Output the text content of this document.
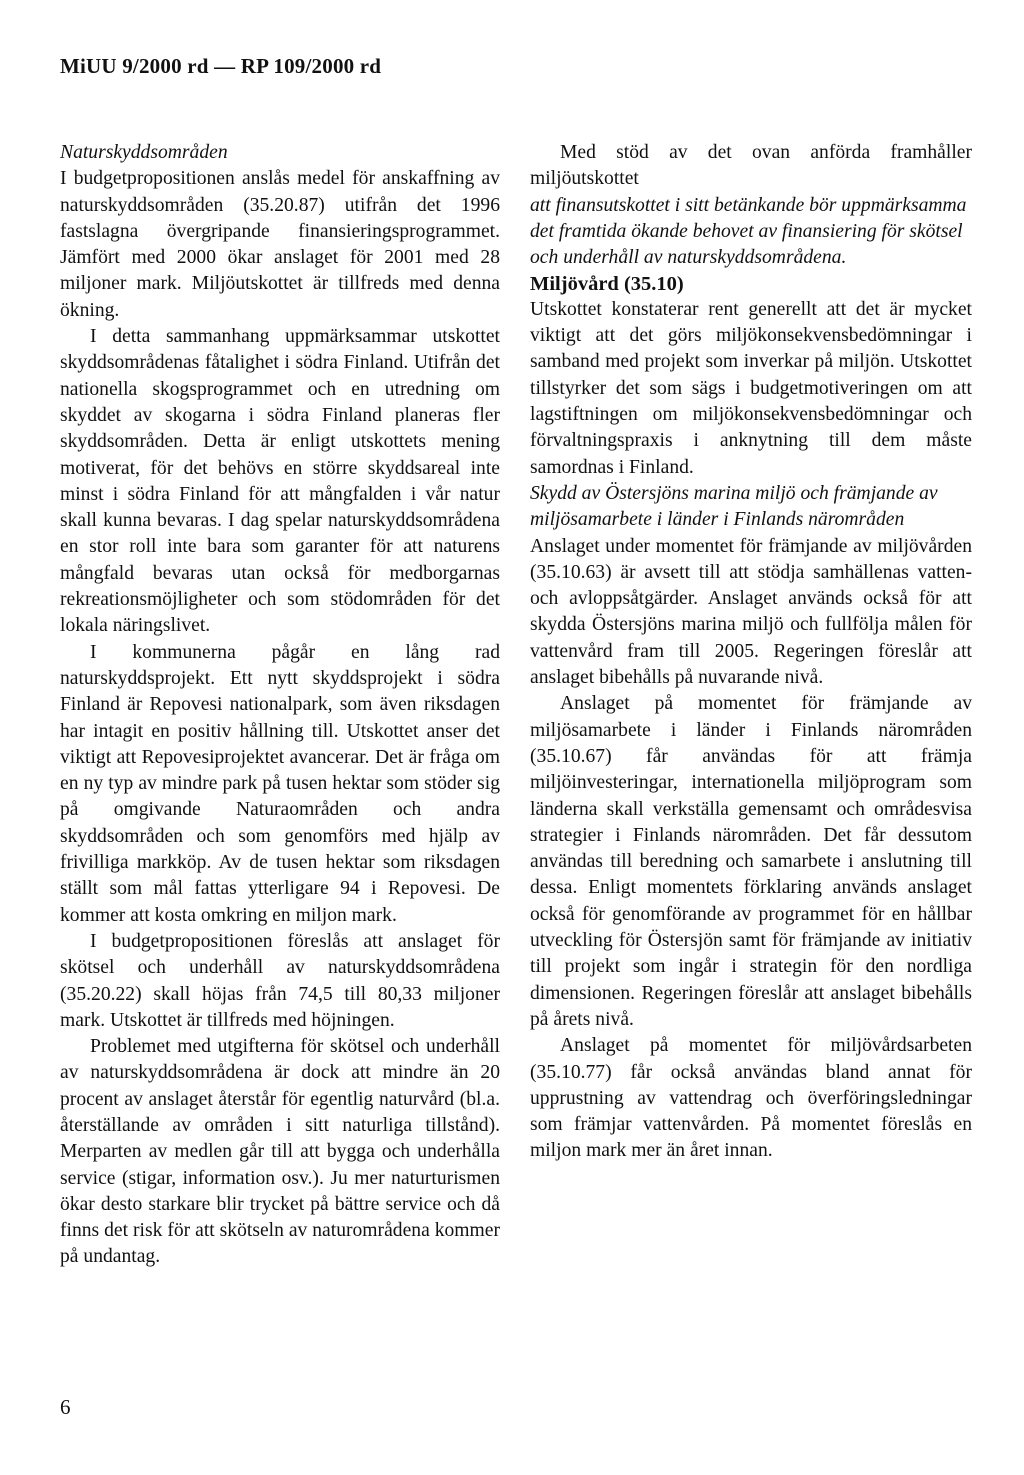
MiUU 9/2000 rd — RP 109/2000 rd

Naturskyddsområden

I budgetpropositionen anslås medel för anskaffning av naturskyddsområden (35.20.87) utifrån det 1996 fastslagna övergripande finansieringsprogrammet. Jämfört med 2000 ökar anslaget för 2001 med 28 miljoner mark. Miljöutskottet är tillfreds med denna ökning.

I detta sammanhang uppmärksammar utskottet skyddsområdenas fåtalighet i södra Finland. Utifrån det nationella skogsprogrammet och en utredning om skyddet av skogarna i södra Finland planeras fler skyddsområden. Detta är enligt utskottets mening motiverat, för det behövs en större skyddsareal inte minst i södra Finland för att mångfalden i vår natur skall kunna bevaras. I dag spelar naturskyddsområdena en stor roll inte bara som garanter för att naturens mångfald bevaras utan också för medborgarnas rekreationsmöjligheter och som stödområden för det lokala näringslivet.

I kommunerna pågår en lång rad naturskyddsprojekt. Ett nytt skyddsprojekt i södra Finland är Repovesi nationalpark, som även riksdagen har intagit en positiv hållning till. Utskottet anser det viktigt att Repovesiprojektet avancerar. Det är fråga om en ny typ av mindre park på tusen hektar som stöder sig på omgivande Naturaområden och andra skyddsområden och som genomförs med hjälp av frivilliga markköp. Av de tusen hektar som riksdagen ställt som mål fattas ytterligare 94 i Repovesi. De kommer att kosta omkring en miljon mark.

I budgetpropositionen föreslås att anslaget för skötsel och underhåll av naturskyddsområdena (35.20.22) skall höjas från 74,5 till 80,33 miljoner mark. Utskottet är tillfreds med höjningen.

Problemet med utgifterna för skötsel och underhåll av naturskyddsområdena är dock att mindre än 20 procent av anslaget återstår för egentlig naturvård (bl.a. återställande av områden i sitt naturliga tillstånd). Merparten av medlen går till att bygga och underhålla service (stigar, information osv.). Ju mer naturturismen ökar desto starkare blir trycket på bättre service och då finns det risk för att skötseln av naturområdena kommer på undantag.

Med stöd av det ovan anförda framhåller miljöutskottet

att finansutskottet i sitt betänkande bör uppmärksamma det framtida ökande behovet av finansiering för skötsel och underhåll av naturskyddsområdena.

Miljövård (35.10)

Utskottet konstaterar rent generellt att det är mycket viktigt att det görs miljökonsekvensbedömningar i samband med projekt som inverkar på miljön. Utskottet tillstyrker det som sägs i budgetmotiveringen om att lagstiftningen om miljökonsekvensbedömningar och förvaltningspraxis i anknytning till dem måste samordnas i Finland.

Skydd av Östersjöns marina miljö och främjande av miljösamarbete i länder i Finlands närområden

Anslaget under momentet för främjande av miljövården (35.10.63) är avsett till att stödja samhällenas vatten- och avloppsåtgärder. Anslaget används också för att skydda Östersjöns marina miljö och fullfölja målen för vattenvård fram till 2005. Regeringen föreslår att anslaget bibehålls på nuvarande nivå.

Anslaget på momentet för främjande av miljösamarbete i länder i Finlands närområden (35.10.67) får användas för att främja miljöinvesteringar, internationella miljöprogram som länderna skall verkställa gemensamt och områdesvisa strategier i Finlands närområden. Det får dessutom användas till beredning och samarbete i anslutning till dessa. Enligt momentets förklaring används anslaget också för genomförande av programmet för en hållbar utveckling för Östersjön samt för främjande av initiativ till projekt som ingår i strategin för den nordliga dimensionen. Regeringen föreslår att anslaget bibehålls på årets nivå.

Anslaget på momentet för miljövårdsarbeten (35.10.77) får också användas bland annat för upprustning av vattendrag och överföringsledningar som främjar vattenvården. På momentet föreslås en miljon mark mer än året innan.

6
